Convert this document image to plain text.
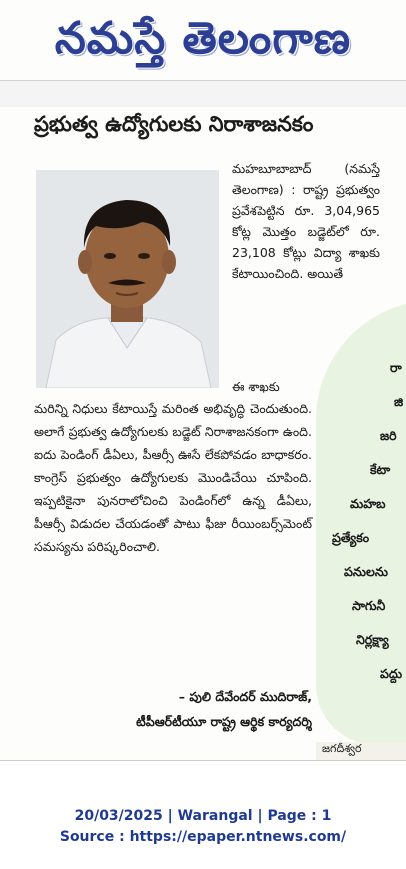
నమస్తే తెలంగాణ
ప్రభుత్వ ఉద్యోగులకు నిరాశాజనకం
మహబూబాబాద్ (నమస్తే తెలంగాణ) : రాష్ట్ర ప్రభుత్వం ప్రవేశపెట్టిన రూ. 3,04,965 కోట్ల మొత్తం బడ్జెట్‌లో రూ. 23,108 కోట్లు విద్యా శాఖకు కేటాయించింది. అయితే
ఈ శాఖకు
మరిన్ని నిధులు కేటాయిస్తే మరింత అభివృద్ధి చెందుతుంది. అలాగే ప్రభుత్వ ఉద్యోగులకు బడ్జెట్ నిరాశాజనకంగా ఉంది. ఐదు పెండింగ్ డీఏలు, పీఆర్సీ ఊసే లేకపోవడం బాధాకరం. కాంగ్రెస్ ప్రభుత్వం ఉద్యోగులకు మొండిచేయి చూపింది. ఇప్పటికైనా పునరాలోచించి పెండింగ్‌లో ఉన్న డీఏలు, పీఆర్సీ విడుదల చేయడంతో పాటు ఫీజు రీయింబర్స్‌మెంట్ సమస్యను పరిష్కరించాలి.
– పులి దేవేందర్ ముదిరాజ్,
టీపీఆర్‌టీయూ రాష్ట్ర ఆర్థిక కార్యదర్శి
రా
జి
జరి
కేటా
మహబ
ప్రత్యేకం
పనులను
సాగునీ
నిర్లక్ష్యా
పద్దు
జగదీశ్వర
20/03/2025 | Warangal | Page : 1
Source : https://epaper.ntnews.com/
